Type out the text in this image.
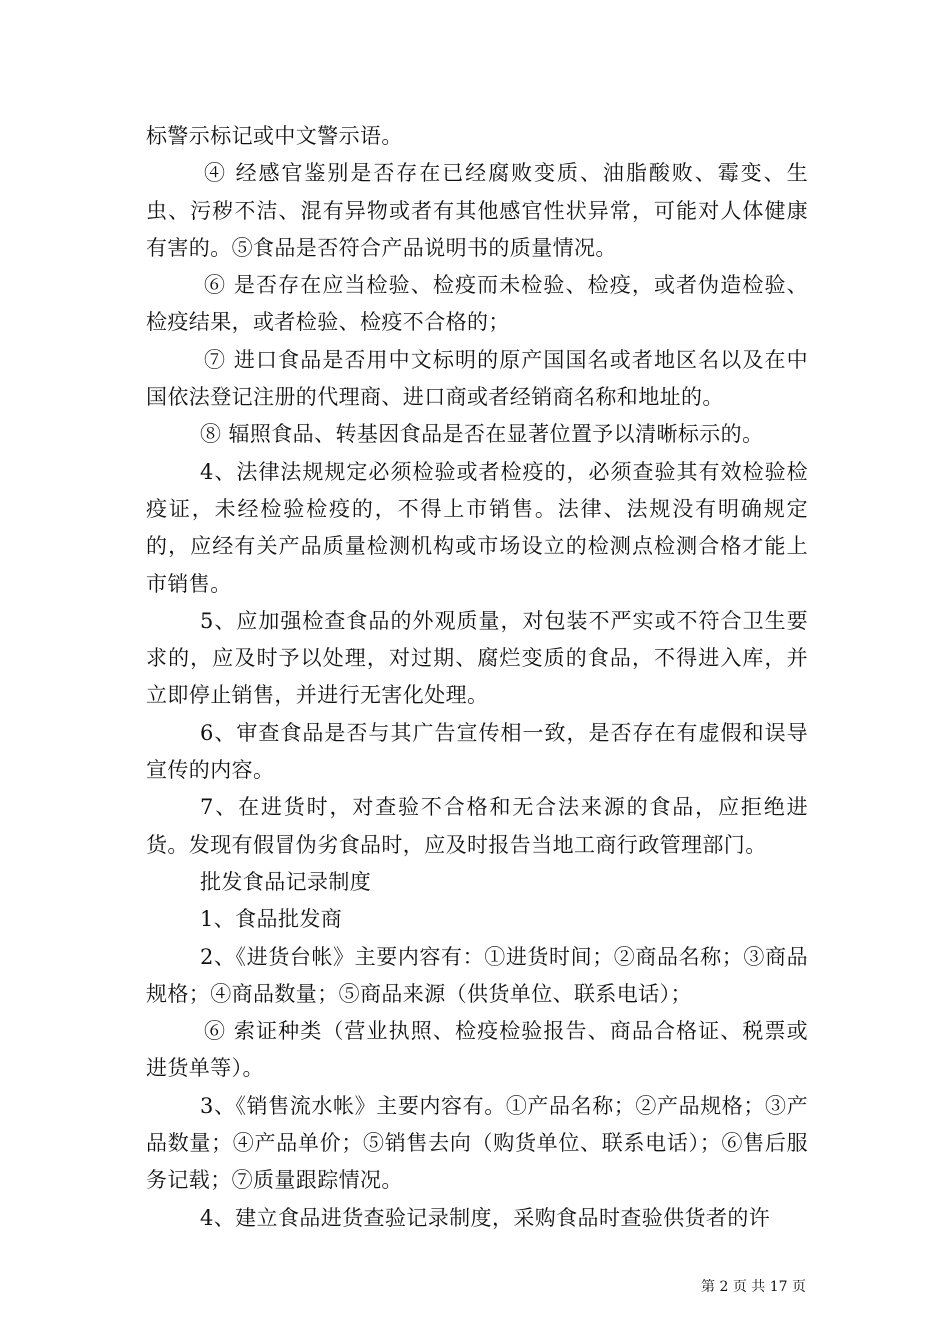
标警示标记或中文警示语。

④ 经感官鉴别是否存在已经腐败变质、油脂酸败、霉变、生虫、污秽不洁、混有异物或者有其他感官性状异常，可能对人体健康有害的。⑤食品是否符合产品说明书的质量情况。

⑥ 是否存在应当检验、检疫而未检验、检疫，或者伪造检验、检疫结果，或者检验、检疫不合格的；

⑦ 进口食品是否用中文标明的原产国国名或者地区名以及在中国依法登记注册的代理商、进口商或者经销商名称和地址的。

⑧ 辐照食品、转基因食品是否在显著位置予以清晰标示的。

4、法律法规规定必须检验或者检疫的，必须查验其有效检验检疫证，未经检验检疫的，不得上市销售。法律、法规没有明确规定的，应经有关产品质量检测机构或市场设立的检测点检测合格才能上市销售。

5、应加强检查食品的外观质量，对包装不严实或不符合卫生要求的，应及时予以处理，对过期、腐烂变质的食品，不得进入库，并立即停止销售，并进行无害化处理。

6、审查食品是否与其广告宣传相一致，是否存在有虚假和误导宣传的内容。

7、在进货时，对查验不合格和无合法来源的食品，应拒绝进货。发现有假冒伪劣食品时，应及时报告当地工商行政管理部门。

批发食品记录制度

1、食品批发商

2、《进货台帐》主要内容有：①进货时间；②商品名称；③商品规格；④商品数量；⑤商品来源（供货单位、联系电话）；

⑥ 索证种类（营业执照、检疫检验报告、商品合格证、税票或进货单等）。

3、《销售流水帐》主要内容有。①产品名称；②产品规格；③产品数量；④产品单价；⑤销售去向（购货单位、联系电话）；⑥售后服务记载；⑦质量跟踪情况。

4、建立食品进货查验记录制度，采购食品时查验供货者的许

第 2 页 共 17 页
